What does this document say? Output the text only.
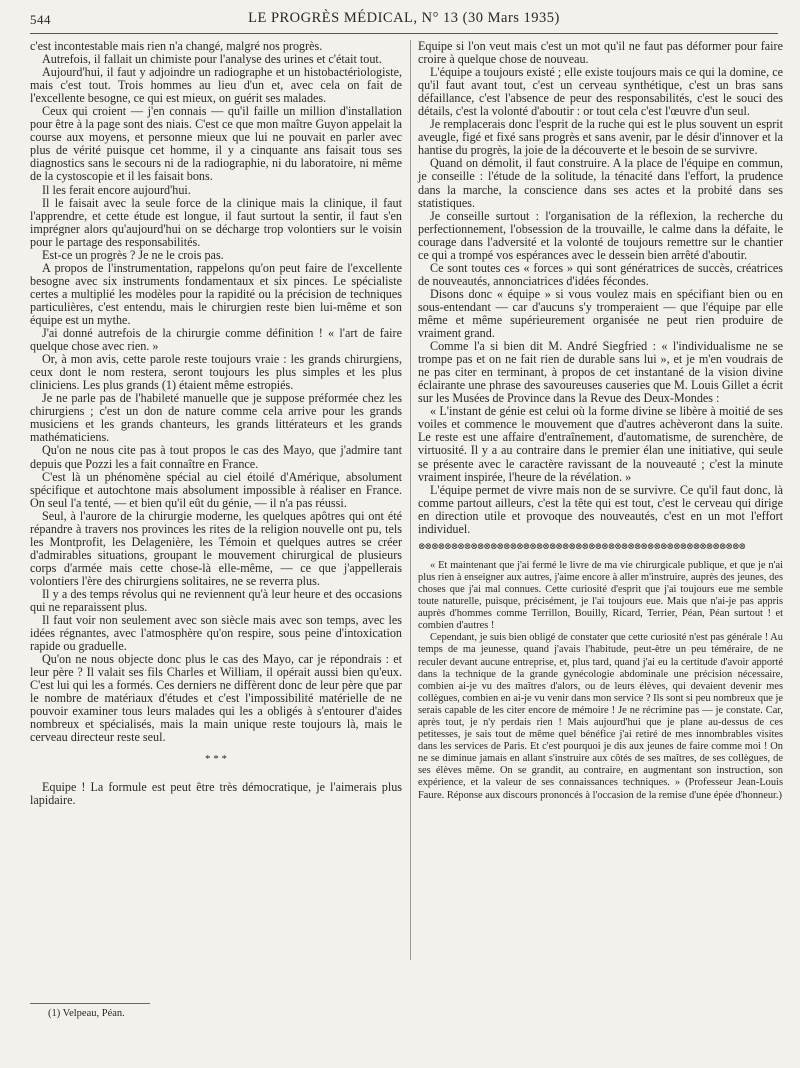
544	LE PROGRÈS MÉDICAL, N° 13 (30 Mars 1935)

c'est incontestable mais rien n'a changé, malgré nos progrès.

Autrefois, il fallait un chimiste pour l'analyse des urines et c'était tout.

Aujourd'hui, il faut y adjoindre un radiographe et un histobactériologiste, mais c'est tout. Trois hommes au lieu d'un et, avec cela on fait de l'excellente besogne, ce qui est mieux, on guérit ses malades.

Ceux qui croient — j'en connais — qu'il faille un million d'installation pour être à la page sont des niais. C'est ce que mon maître Guyon appelait la course aux moyens, et personne mieux que lui ne pouvait en parler avec plus de vérité puisque cet homme, il y a cinquante ans faisait tous ses diagnostics sans le secours ni de la radiographie, ni du laboratoire, ni même de la cystoscopie et il les faisait bons.

Il les ferait encore aujourd'hui.

Il le faisait avec la seule force de la clinique mais la clinique, il faut l'apprendre, et cette étude est longue, il faut surtout la sentir, il faut s'en imprégner alors qu'aujourd'hui on se décharge trop volontiers sur le voisin pour le partage des responsabilités.

Est-ce un progrès ? Je ne le crois pas.

A propos de l'instrumentation, rappelons qu'on peut faire de l'excellente besogne avec six instruments fondamentaux et six pinces. Le spécialiste certes a multiplié les modèles pour la rapidité ou la précision de techniques particulières, c'est entendu, mais le chirurgien reste bien lui-même et son équipe est un mythe.

J'ai donné autrefois de la chirurgie comme définition ! « l'art de faire quelque chose avec rien. »

Or, à mon avis, cette parole reste toujours vraie : les grands chirurgiens, ceux dont le nom restera, seront toujours les plus simples et les plus cliniciens. Les plus grands (1) étaient même estropiés.

Je ne parle pas de l'habileté manuelle que je suppose préformée chez les chirurgiens ; c'est un don de nature comme cela arrive pour les grands musiciens et les grands chanteurs, les grands littérateurs et les grands mathématiciens.

Qu'on ne nous cite pas à tout propos le cas des Mayo, que j'admire tant depuis que Pozzi les a fait connaître en France.

C'est là un phénomène spécial au ciel étoilé d'Amérique, absolument spécifique et autochtone mais absolument impossible à réaliser en France. On seul l'a tenté, — et bien qu'il eût du génie, — il n'a pas réussi.

Seul, à l'aurore de la chirurgie moderne, les quelques apôtres qui ont été répandre à travers nos provinces les rites de la religion nouvelle ont pu, tels les Montprofit, les Delagenière, les Témoin et quelques autres se créer d'admirables situations, groupant le mouvement chirurgical de plusieurs corps d'armée mais cette chose-là elle-même, — ce que j'appellerais volontiers l'ère des chirurgiens solitaires, ne se reverra plus.

Il y a des temps révolus qui ne reviennent qu'à leur heure et des occasions qui ne reparaissent plus.

Il faut voir non seulement avec son siècle mais avec son temps, avec les idées régnantes, avec l'atmosphère qu'on respire, sous peine d'intoxication rapide ou graduelle.

Qu'on ne nous objecte donc plus le cas des Mayo, car je répondrais : et leur père ? Il valait ses fils Charles et William, il opérait aussi bien qu'eux. C'est lui qui les a formés. Ces derniers ne diffèrent donc de leur père que par le nombre de matériaux d'études et c'est l'impossibilité matérielle de ne pouvoir examiner tous leurs malades qui les a obligés à s'entourer d'aides nombreux et spécialisés, mais la main unique reste toujours là, mais le cerveau directeur reste seul.

* * *

Equipe ! La formule est peut être très démocratique, je l'aimerais plus lapidaire.

Equipe si l'on veut mais c'est un mot qu'il ne faut pas déformer pour faire croire à quelque chose de nouveau.

L'équipe a toujours existé ; elle existe toujours mais ce qui la domine, ce qu'il faut avant tout, c'est un cerveau synthétique, c'est un bras sans défaillance, c'est l'absence de peur des responsabilités, c'est le souci des détails, c'est la volonté d'aboutir : or tout cela c'est l'œuvre d'un seul.

Je remplacerais donc l'esprit de la ruche qui est le plus souvent un esprit aveugle, figé et fixé sans progrès et sans avenir, par le désir d'innover et la hantise du progrès, la joie de la découverte et le besoin de se survivre.

Quand on démolit, il faut construire. A la place de l'équipe en commun, je conseille : l'étude de la solitude, la ténacité dans l'effort, la prudence dans la marche, la conscience dans ses actes et la probité dans ses statistiques.

Je conseille surtout : l'organisation de la réflexion, la recherche du perfectionnement, l'obsession de la trouvaille, le calme dans la défaite, le courage dans l'adversité et la volonté de toujours remettre sur le chantier ce qui a trompé vos espérances avec le dessein bien arrêté d'aboutir.

Ce sont toutes ces « forces » qui sont génératrices de succès, créatrices de nouveautés, annonciatrices d'idées fécondes.

Disons donc « équipe » si vous voulez mais en spécifiant bien ou en sous-entendant — car d'aucuns s'y tromperaient — que l'équipe par elle même et même supérieurement organisée ne peut rien produire de vraiment grand.

Comme l'a si bien dit M. André Siegfried : « l'individualisme ne se trompe pas et on ne fait rien de durable sans lui », et je m'en voudrais de ne pas citer en terminant, à propos de cet instantané de la vision divine éclairante une phrase des savoureuses causeries que M. Louis Gillet a écrit sur les Musées de Province dans la Revue des Deux-Mondes :

« L'instant de génie est celui où la forme divine se libère à moitié de ses voiles et commence le mouvement que d'autres achèveront dans la suite. Le reste est une affaire d'entraînement, d'automatisme, de surenchère, de virtuosité. Il y a au contraire dans le premier élan une initiative, qui seule se présente avec le caractère ravissant de la nouveauté ; c'est la minute vraiment inspirée, l'heure de la révélation. »

L'équipe permet de vivre mais non de se survivre. Ce qu'il faut donc, là comme partout ailleurs, c'est la tête qui est tout, c'est le cerveau qui dirige en direction utile et provoque des nouveautés, c'est en un mot l'effort individuel.

⊗⊗⊗⊗⊗⊗⊗⊗⊗⊗⊗⊗⊗⊗⊗⊗⊗⊗⊗⊗⊗⊗⊗⊗⊗⊗⊗⊗⊗⊗⊗⊗⊗⊗⊗⊗⊗⊗⊗⊗⊗⊗⊗⊗⊗⊗⊗⊗⊗⊗

« Et maintenant que j'ai fermé le livre de ma vie chirurgicale publique, et que je n'ai plus rien à enseigner aux autres, j'aime encore à aller m'instruire, auprès des jeunes, des choses que j'ai mal connues. Cette curiosité d'esprit que j'ai toujours eue me semble toute naturelle, puisque, précisément, je l'ai toujours eue. Mais que n'ai-je pas appris auprès d'hommes comme Terrillon, Bouilly, Ricard, Terrier, Péan, Péan surtout ! et combien d'autres !

Cependant, je suis bien obligé de constater que cette curiosité n'est pas générale ! Au temps de ma jeunesse, quand j'avais l'habitude, peut-être un peu téméraire, de ne reculer devant aucune entreprise, et, plus tard, quand j'ai eu la certitude d'avoir apporté dans la technique de la grande gynécologie abdominale une précision nécessaire, combien ai-je vu des maîtres d'alors, ou de leurs élèves, qui devaient devenir mes collègues, combien en ai-je vu venir dans mon service ? Ils sont si peu nombreux que je serais capable de les citer encore de mémoire ! Je ne récrimine pas — je constate. Car, après tout, je n'y perdais rien ! Mais aujourd'hui que je plane au-dessus de ces petitesses, je sais tout de même quel bénéfice j'ai retiré de mes innombrables visites dans les services de Paris. Et c'est pourquoi je dis aux jeunes de faire comme moi ! On ne se diminue jamais en allant s'instruire aux côtés de ses maîtres, de ses collègues, de ses élèves même. On se grandit, au contraire, en augmentant son instruction, son expérience, et la valeur de ses connaissances techniques. » (Professeur Jean-Louis Faure. Réponse aux discours prononcés à l'occasion de la remise d'une épée d'honneur.)

(1) Velpeau, Péan.
